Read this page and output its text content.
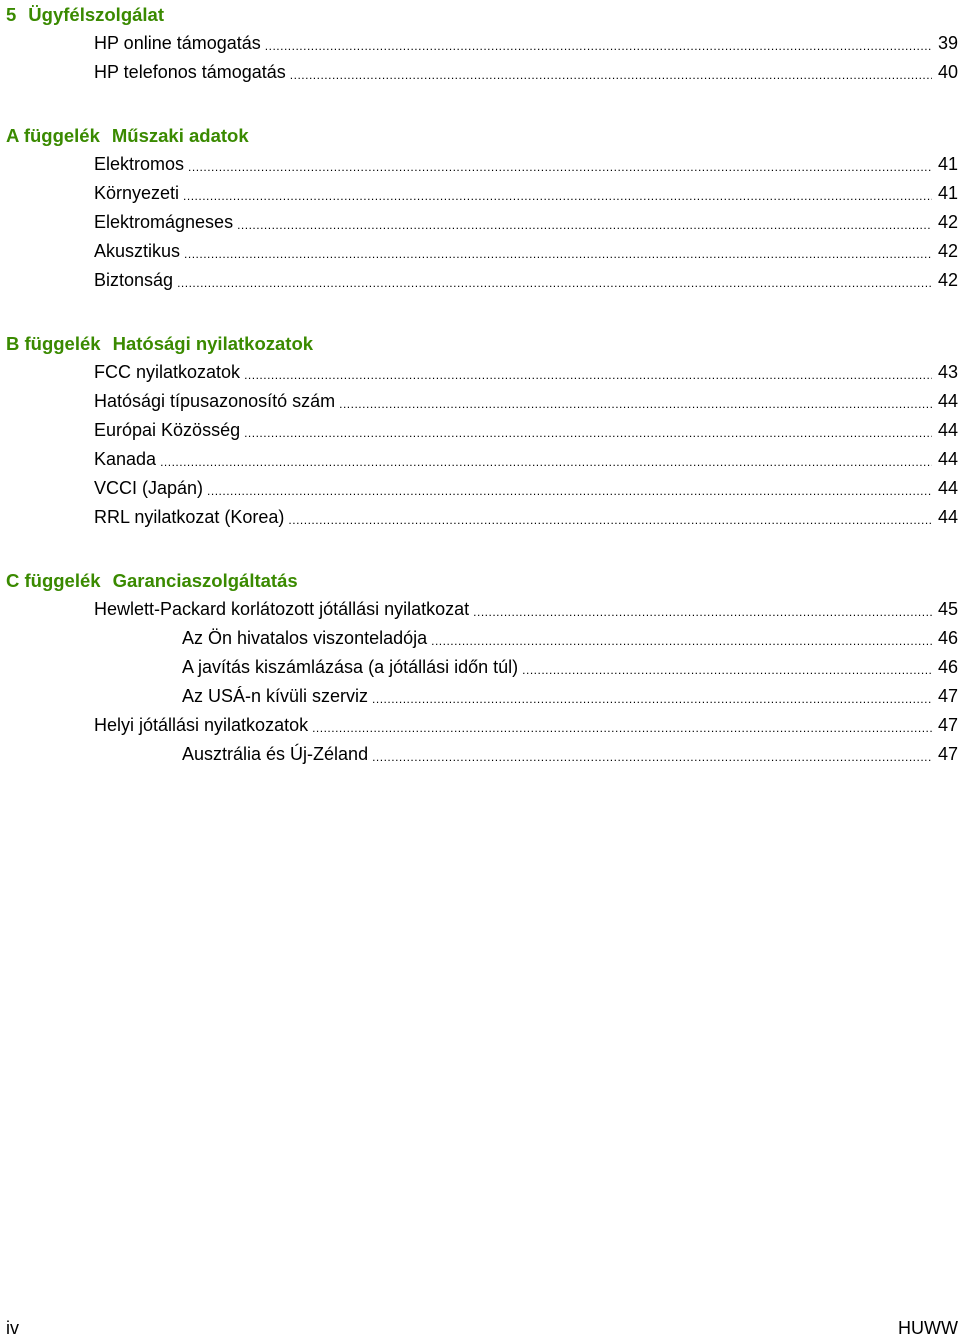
5 Ügyfélszolgálat
HP online támogatás .....	39
HP telefonos támogatás .....	40
A függelék Műszaki adatok
Elektromos .....	41
Környezeti .....	41
Elektromágneses .....	42
Akusztikus .....	42
Biztonság .....	42
B függelék Hatósági nyilatkozatok
FCC nyilatkozatok .....	43
Hatósági típusazonosító szám .....	44
Európai Közösség .....	44
Kanada .....	44
VCCI (Japán) .....	44
RRL nyilatkozat (Korea) .....	44
C függelék Garanciaszolgáltatás
Hewlett-Packard korlátozott jótállási nyilatkozat .....	45
Az Ön hivatalos viszonteladója .....	46
A javítás kiszámlázása (a jótállási időn túl) .....	46
Az USÁ-n kívüli szerviz .....	47
Helyi jótállási nyilatkozatok .....	47
Ausztrália és Új-Zéland .....	47
iv	HUWW
